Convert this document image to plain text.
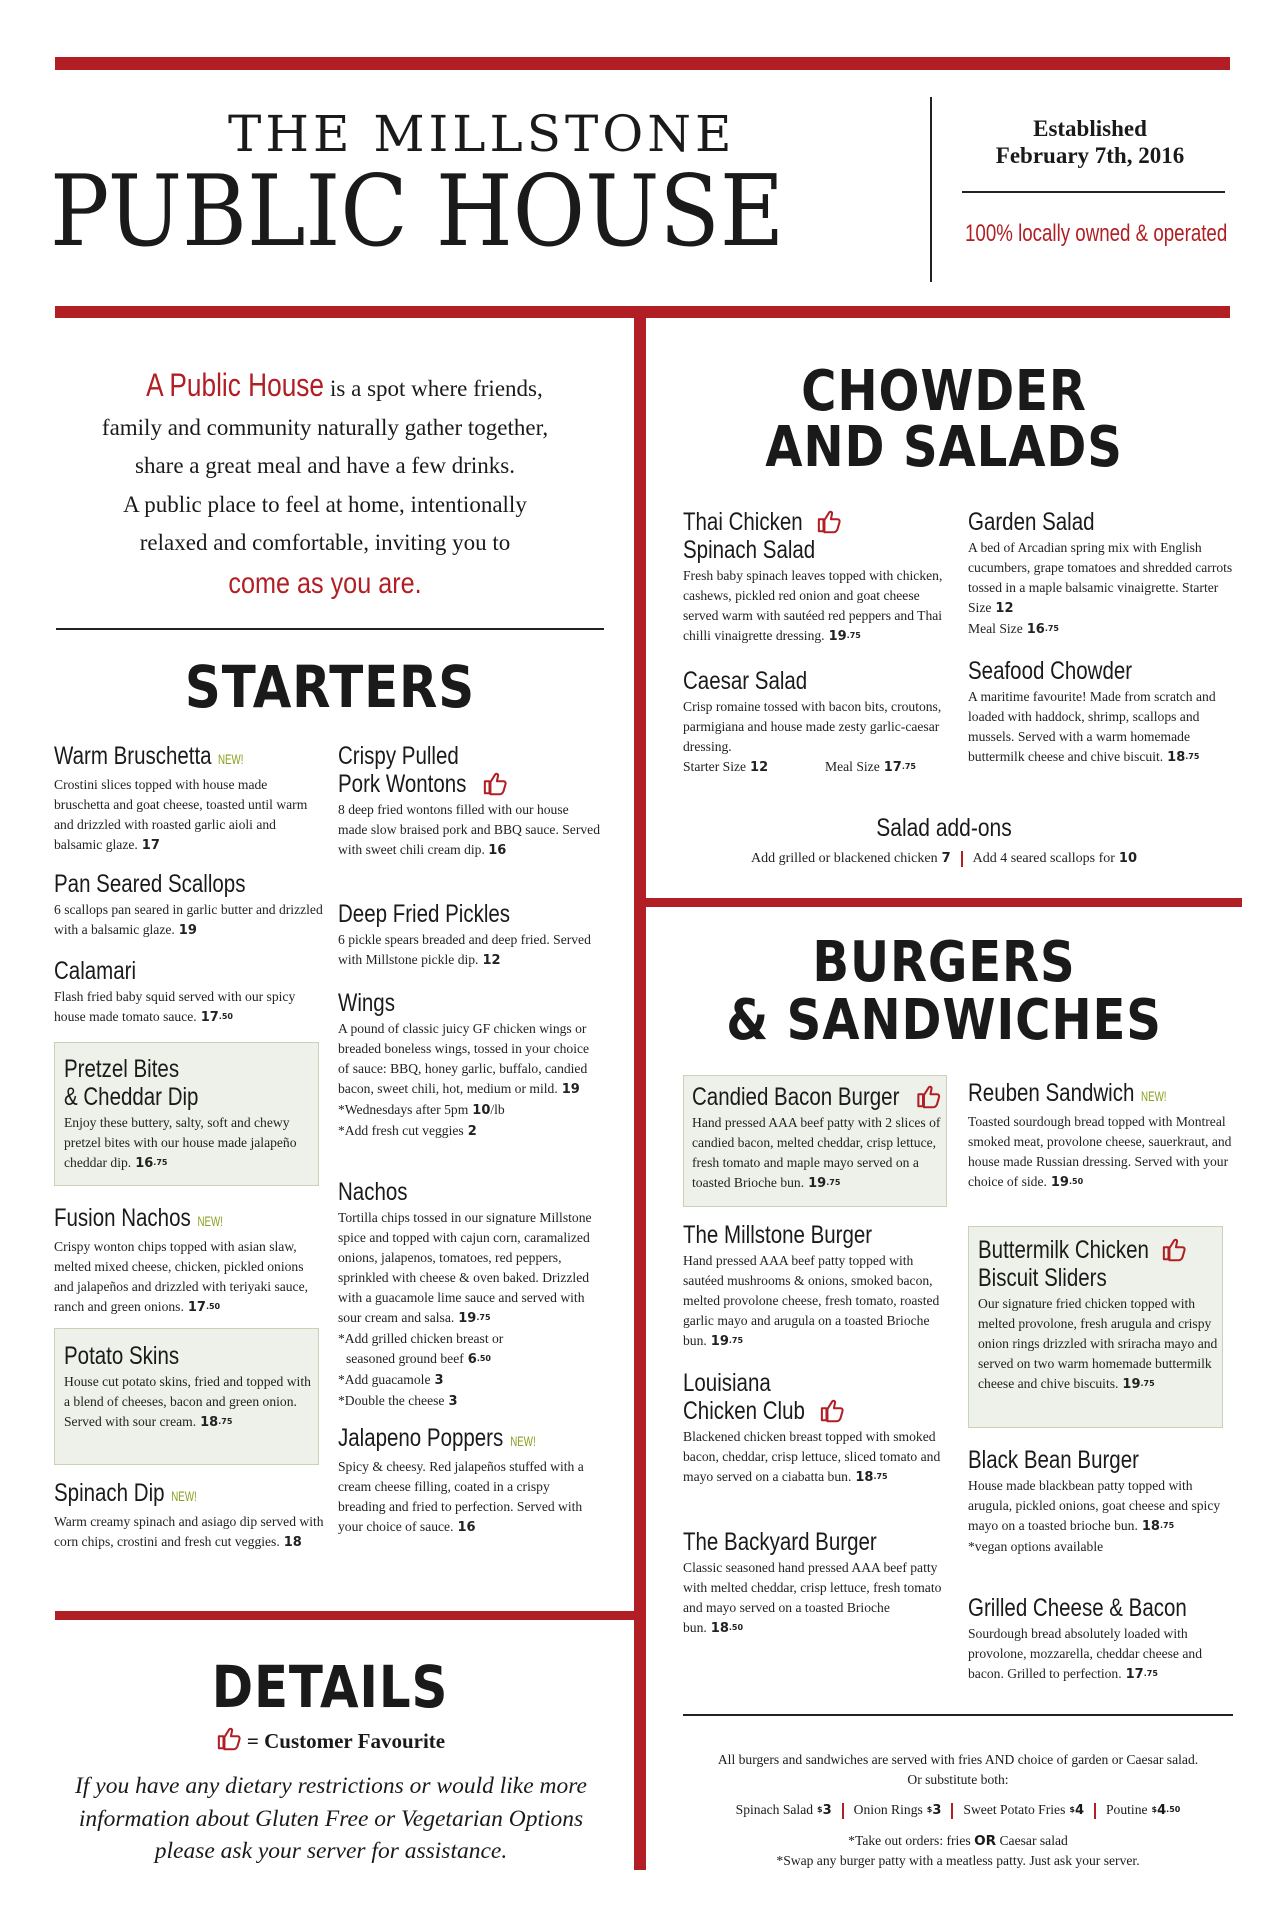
THE MILLSTONE
PUBLIC HOUSE
Established
February 7th, 2016
100% locally owned & operated
A Public House is a spot where friends,
family and community naturally gather together,
share a great meal and have a few drinks.
A public place to feel at home, intentionally
relaxed and comfortable, inviting you to
come as you are.
STARTERS
Warm Bruschetta NEW!
Crostini slices topped with house made bruschetta and goat cheese, toasted until warm and drizzled with roasted garlic aioli and balsamic glaze. 17
Pan Seared Scallops
6 scallops pan seared in garlic butter and drizzled with a balsamic glaze. 19
Calamari
Flash fried baby squid served with our spicy house made tomato sauce. $17^{.50}$
Pretzel Bites
& Cheddar Dip
Enjoy these buttery, salty, soft and chewy pretzel bites with our house made jalapeño cheddar dip. $16^{.75}$
Fusion Nachos NEW!
Crispy wonton chips topped with asian slaw, melted mixed cheese, chicken, pickled onions and jalapeños and drizzled with teriyaki sauce, ranch and green onions. $17^{.50}$
Potato Skins
House cut potato skins, fried and topped with a blend of cheeses, bacon and green onion. Served with sour cream. $18^{.75}$
Spinach Dip NEW!
Warm creamy spinach and asiago dip served with corn chips, crostini and fresh cut veggies. 18
Crispy Pulled
Pork Wontons
8 deep fried wontons filled with our house made slow braised pork and BBQ sauce. Served with sweet chili cream dip. 16
Deep Fried Pickles
6 pickle spears breaded and deep fried. Served with Millstone pickle dip. 12
Wings
A pound of classic juicy GF chicken wings or breaded boneless wings, tossed in your choice of sauce: BBQ, honey garlic, buffalo, candied bacon, sweet chili, hot, medium or mild. 19
*Wednesdays after 5pm 10/lb
*Add fresh cut veggies 2
Nachos
Tortilla chips tossed in our signature Millstone spice and topped with cajun corn, caramalized onions, jalapenos, tomatoes, red peppers, sprinkled with cheese & oven baked. Drizzled with a guacamole lime sauce and served with sour cream and salsa. $19^{.75}$
*Add grilled chicken breast or
seasoned ground beef $6^{.50}$
*Add guacamole 3
*Double the cheese 3
Jalapeno Poppers NEW!
Spicy & cheesy. Red jalapeños stuffed with a cream cheese filling, coated in a crispy breading and fried to perfection. Served with your choice of sauce. 16
DETAILS
= Customer Favourite
If you have any dietary restrictions or would like more
information about Gluten Free or Vegetarian Options
please ask your server for assistance.
CHOWDER
AND SALADS
Thai Chicken
Spinach Salad
Fresh baby spinach leaves topped with chicken, cashews, pickled red onion and goat cheese served warm with sautéed red peppers and Thai chilli vinaigrette dressing. $19^{.75}$
Caesar Salad
Crisp romaine tossed with bacon bits, croutons, parmigiana and house made zesty garlic-caesar dressing.
Starter Size 12	Meal Size $17^{.75}$
Garden Salad
A bed of Arcadian spring mix with English cucumbers, grape tomatoes and shredded carrots tossed in a maple balsamic vinaigrette. Starter Size 12
Meal Size $16^{.75}$
Seafood Chowder
A maritime favourite! Made from scratch and loaded with haddock, shrimp, scallops and mussels. Served with a warm homemade buttermilk cheese and chive biscuit. $18^{.75}$
Salad add-ons
Add grilled or blackened chicken 7 Add 4 seared scallops for 10
BURGERS
& SANDWICHES
Candied Bacon Burger
Hand pressed AAA beef patty with 2 slices of candied bacon, melted cheddar, crisp lettuce, fresh tomato and maple mayo served on a toasted Brioche bun. $19^{.75}$
The Millstone Burger
Hand pressed AAA beef patty topped with sautéed mushrooms & onions, smoked bacon, melted provolone cheese, fresh tomato, roasted garlic mayo and arugula on a toasted Brioche bun. $19^{.75}$
Louisiana
Chicken Club
Blackened chicken breast topped with smoked bacon, cheddar, crisp lettuce, sliced tomato and mayo served on a ciabatta bun. $18^{.75}$
The Backyard Burger
Classic seasoned hand pressed AAA beef patty with melted cheddar, crisp lettuce, fresh tomato and mayo served on a toasted Brioche bun. $18^{.50}$
Reuben Sandwich NEW!
Toasted sourdough bread topped with Montreal smoked meat, provolone cheese, sauerkraut, and house made Russian dressing. Served with your choice of side. $19^{.50}$
Buttermilk Chicken
Biscuit Sliders
Our signature fried chicken topped with melted provolone, fresh arugula and crispy onion rings drizzled with sriracha mayo and served on two warm homemade buttermilk cheese and chive biscuits. $19^{.75}$
Black Bean Burger
House made blackbean patty topped with arugula, pickled onions, goat cheese and spicy mayo on a toasted brioche bun. $18^{.75}$
*vegan options available
Grilled Cheese & Bacon
Sourdough bread absolutely loaded with provolone, mozzarella, cheddar cheese and bacon. Grilled to perfection. $17^{.75}$
All burgers and sandwiches are served with fries AND choice of garden or Caesar salad.
Or substitute both:
Spinach Salad $3 Onion Rings $3 Sweet Potato Fries $4 Poutine $^{\$}4^{.50}$
*Take out orders: fries OR Caesar salad
*Swap any burger patty with a meatless patty. Just ask your server.
